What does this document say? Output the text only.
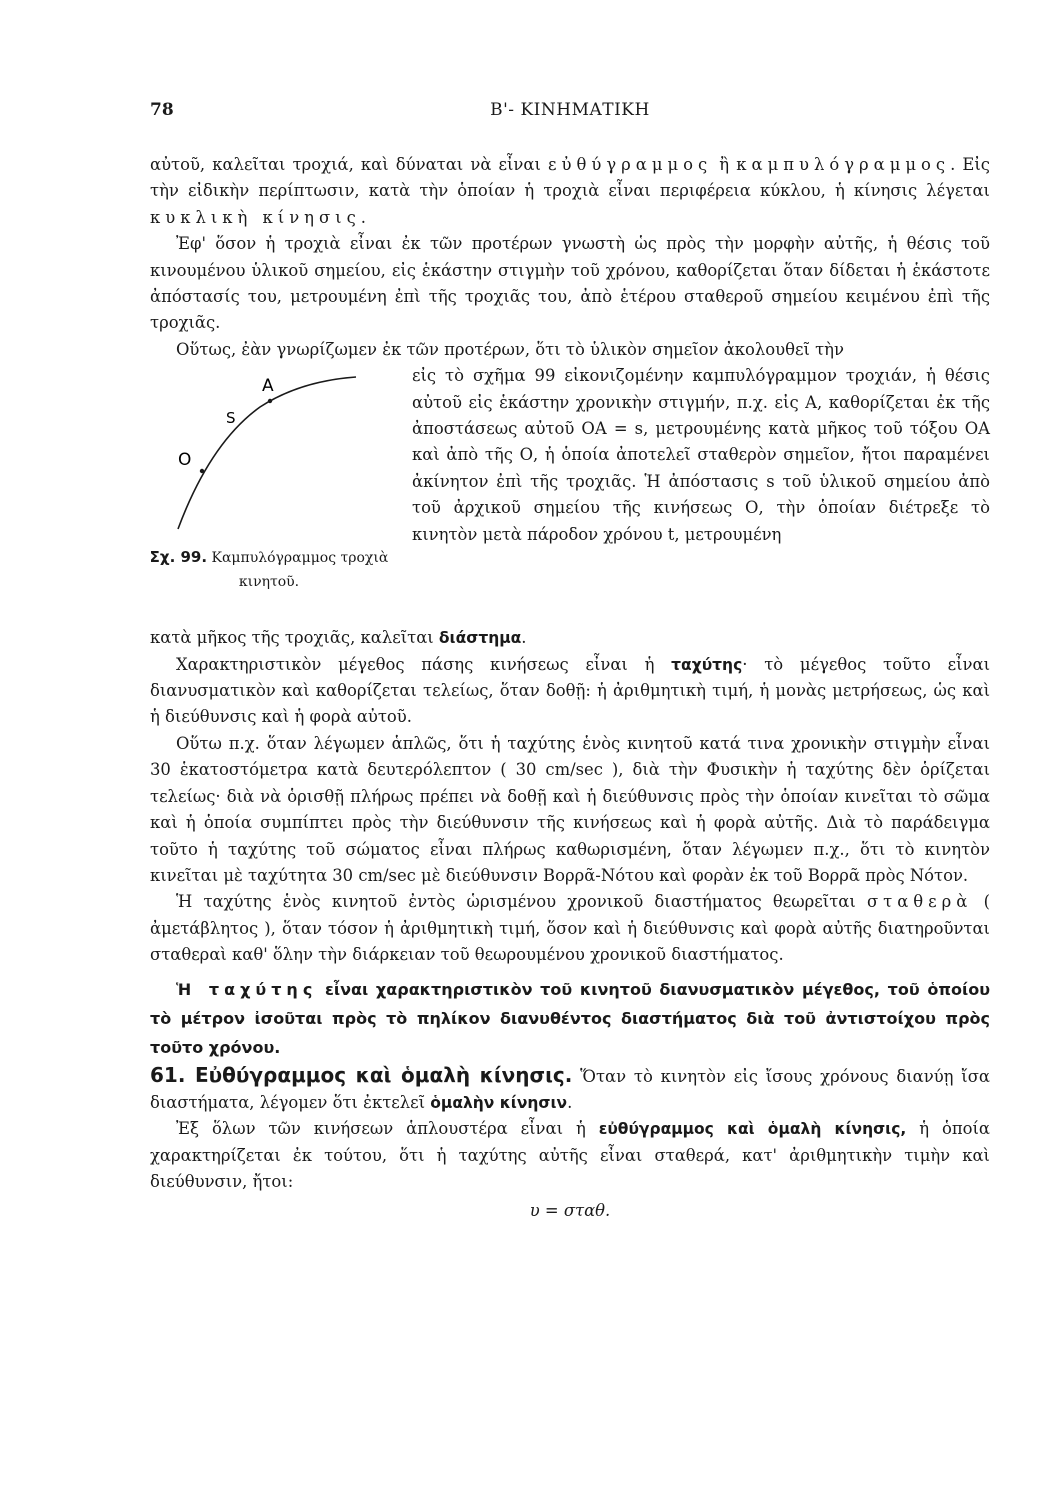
78	B'- ΚΙΝΗΜΑΤΙΚΗ

αὐτοῦ, καλεῖται τροχιά, καὶ δύναται νὰ εἶναι εὐθύγραμμος ἢ καμπυλόγραμμος. Εἰς τὴν εἰδικὴν περίπτωσιν, κατὰ τὴν ὁποίαν ἡ τροχιὰ εἶναι περιφέρεια κύκλου, ἡ κίνησις λέγεται κυκλικὴ κίνησις.

Ἐφ' ὅσον ἡ τροχιὰ εἶναι ἐκ τῶν προτέρων γνωστὴ ὡς πρὸς τὴν μορφὴν αὐτῆς, ἡ θέσις τοῦ κινουμένου ὑλικοῦ σημείου, εἰς ἑκάστην στιγμὴν τοῦ χρόνου, καθορίζεται ὅταν δίδεται ἡ ἑκάστοτε ἀπόστασίς του, μετρουμένη ἐπὶ τῆς τροχιᾶς του, ἀπὸ ἑτέρου σταθεροῦ σημείου κειμένου ἐπὶ τῆς τροχιᾶς.

Οὕτως, ἐὰν γνωρίζωμεν ἐκ τῶν προτέρων, ὅτι τὸ ὑλικὸν σημεῖον ἀκολουθεῖ τὴν

A
S
O
Σχ. 99. Καμπυλόγραμμος τροχιὰ κινητοῦ.

εἰς τὸ σχῆμα 99 εἰκονιζομένην καμπυλόγραμμον τροχιάν, ἡ θέσις αὐτοῦ εἰς ἑκάστην χρονικὴν στιγμήν, π.χ. εἰς Α, καθορίζεται ἐκ τῆς ἀποστάσεως αὐτοῦ ΟΑ = s, μετρουμένης κατὰ μῆκος τοῦ τόξου ΟΑ καὶ ἀπὸ τῆς Ο, ἡ ὁποία ἀποτελεῖ σταθερὸν σημεῖον, ἤτοι παραμένει ἀκίνητον ἐπὶ τῆς τροχιᾶς. Ἡ ἀπόστασις s τοῦ ὑλικοῦ σημείου ἀπὸ τοῦ ἀρχικοῦ σημείου τῆς κινήσεως Ο, τὴν ὁποίαν διέτρεξε τὸ κινητὸν μετὰ πάροδον χρόνου t, μετρουμένη

κατὰ μῆκος τῆς τροχιᾶς, καλεῖται διάστημα.

Χαρακτηριστικὸν μέγεθος πάσης κινήσεως εἶναι ἡ ταχύτης· τὸ μέγεθος τοῦτο εἶναι διανυσματικὸν καὶ καθορίζεται τελείως, ὅταν δοθῇ: ἡ ἀριθμητικὴ τιμή, ἡ μονὰς μετρήσεως, ὡς καὶ ἡ διεύθυνσις καὶ ἡ φορὰ αὐτοῦ.

Οὕτω π.χ. ὅταν λέγωμεν ἁπλῶς, ὅτι ἡ ταχύτης ἑνὸς κινητοῦ κατά τινα χρονικὴν στιγμὴν εἶναι 30 ἑκατοστόμετρα κατὰ δευτερόλεπτον ( 30 cm/sec ), διὰ τὴν Φυσικὴν ἡ ταχύτης δὲν ὁρίζεται τελείως· διὰ νὰ ὁρισθῇ πλήρως πρέπει νὰ δοθῇ καὶ ἡ διεύθυνσις πρὸς τὴν ὁποίαν κινεῖται τὸ σῶμα καὶ ἡ ὁποία συμπίπτει πρὸς τὴν διεύθυνσιν τῆς κινήσεως καὶ ἡ φορὰ αὐτῆς. Διὰ τὸ παράδειγμα τοῦτο ἡ ταχύτης τοῦ σώματος εἶναι πλήρως καθωρισμένη, ὅταν λέγωμεν π.χ., ὅτι τὸ κινητὸν κινεῖται μὲ ταχύτητα 30 cm/sec μὲ διεύθυνσιν Βορρᾶ-Νότου καὶ φορὰν ἐκ τοῦ Βορρᾶ πρὸς Νότον.

Ἡ ταχύτης ἑνὸς κινητοῦ ἐντὸς ὡρισμένου χρονικοῦ διαστήματος θεωρεῖται σταθερὰ ( ἀμετάβλητος ), ὅταν τόσον ἡ ἀριθμητικὴ τιμή, ὅσον καὶ ἡ διεύθυνσις καὶ φορὰ αὐτῆς διατηροῦνται σταθεραὶ καθ' ὅλην τὴν διάρκειαν τοῦ θεωρουμένου χρονικοῦ διαστήματος.

Ἡ ταχύτης εἶναι χαρακτηριστικὸν τοῦ κινητοῦ διανυσματικὸν μέγεθος, τοῦ ὁποίου τὸ μέτρον ἰσοῦται πρὸς τὸ πηλίκον διανυθέντος διαστήματος διὰ τοῦ ἀντιστοίχου πρὸς τοῦτο χρόνου.

61. Εὐθύγραμμος καὶ ὁμαλὴ κίνησις. Ὅταν τὸ κινητὸν εἰς ἴσους χρόνους διανύῃ ἴσα διαστήματα, λέγομεν ὅτι ἐκτελεῖ ὁμαλὴν κίνησιν.

Ἐξ ὅλων τῶν κινήσεων ἁπλουστέρα εἶναι ἡ εὐθύγραμμος καὶ ὁμαλὴ κίνησις, ἡ ὁποία χαρακτηρίζεται ἐκ τούτου, ὅτι ἡ ταχύτης αὐτῆς εἶναι σταθερά, κατ' ἀριθμητικὴν τιμὴν καὶ διεύθυνσιν, ἤτοι:

υ = σταθ.
